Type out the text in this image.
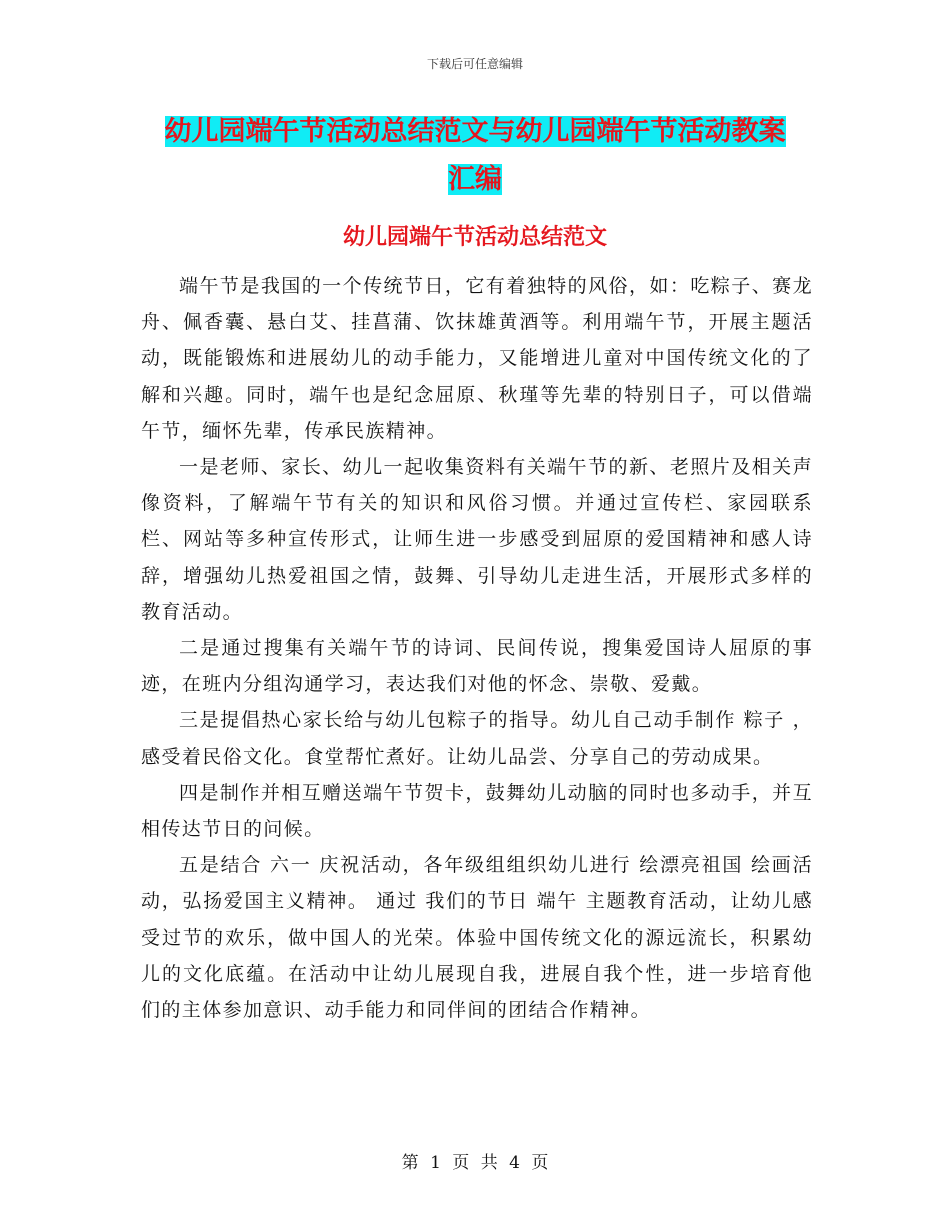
下载后可任意编辑
幼儿园端午节活动总结范文与幼儿园端午节活动教案
汇编
幼儿园端午节活动总结范文

端午节是我国的一个传统节日，它有着独特的风俗，如：吃粽子、赛龙舟、佩香囊、悬白艾、挂菖蒲、饮抹雄黄酒等。利用端午节，开展主题活动，既能锻炼和进展幼儿的动手能力，又能增进儿童对中国传统文化的了解和兴趣。同时，端午也是纪念屈原、秋瑾等先辈的特别日子，可以借端午节，缅怀先辈，传承民族精神。

一是老师、家长、幼儿一起收集资料有关端午节的新、老照片及相关声像资料，了解端午节有关的知识和风俗习惯。并通过宣传栏、家园联系栏、网站等多种宣传形式，让师生进一步感受到屈原的爱国精神和感人诗辞，增强幼儿热爱祖国之情，鼓舞、引导幼儿走进生活，开展形式多样的教育活动。

二是通过搜集有关端午节的诗词、民间传说，搜集爱国诗人屈原的事迹，在班内分组沟通学习，表达我们对他的怀念、崇敬、爱戴。

三是提倡热心家长给与幼儿包粽子的指导。幼儿自己动手制作 粽子 ，感受着民俗文化。食堂帮忙煮好。让幼儿品尝、分享自己的劳动成果。

四是制作并相互赠送端午节贺卡，鼓舞幼儿动脑的同时也多动手，并互相传达节日的问候。

五是结合 六一 庆祝活动，各年级组组织幼儿进行 绘漂亮祖国 绘画活动，弘扬爱国主义精神。 通过 我们的节日 端午 主题教育活动，让幼儿感受过节的欢乐，做中国人的光荣。体验中国传统文化的源远流长，积累幼儿的文化底蕴。在活动中让幼儿展现自我，进展自我个性，进一步培育他们的主体参加意识、动手能力和同伴间的团结合作精神。

第 1 页 共 4 页
